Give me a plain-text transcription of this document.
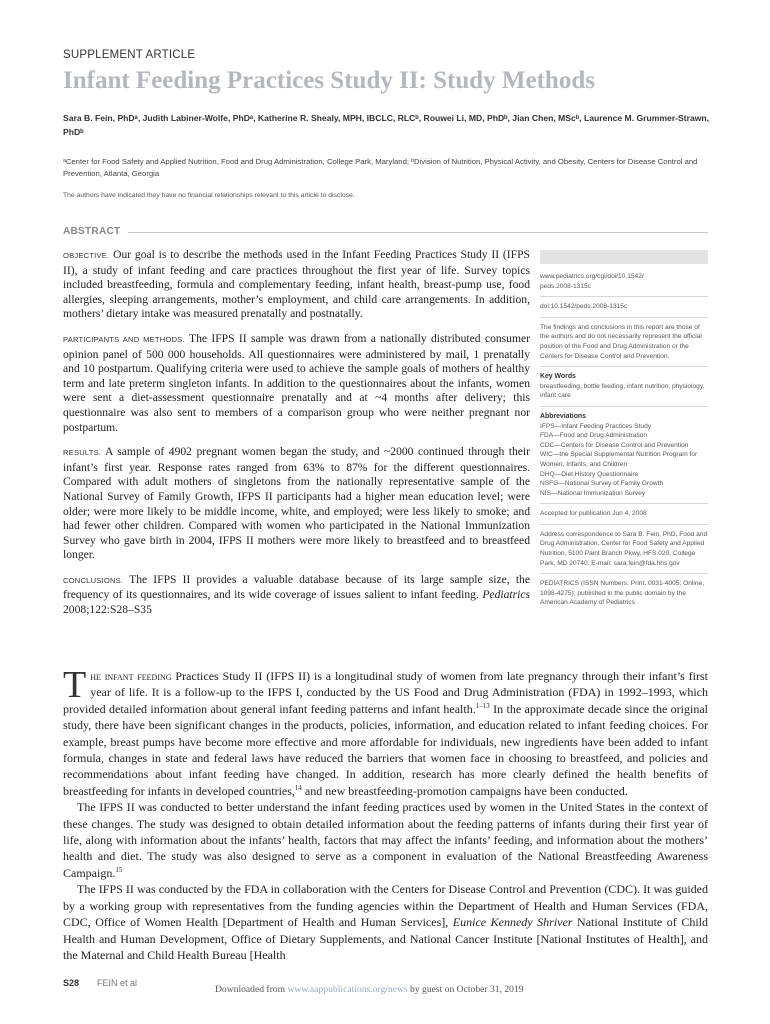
SUPPLEMENT ARTICLE
Infant Feeding Practices Study II: Study Methods
Sara B. Fein, PhDᵃ, Judith Labiner-Wolfe, PhDᵃ, Katherine R. Shealy, MPH, IBCLC, RLCᵇ, Rouwei Li, MD, PhDᵇ, Jian Chen, MScᵇ, Laurence M. Grummer-Strawn, PhDᵇ
ᵃCenter for Food Safety and Applied Nutrition, Food and Drug Administration, College Park, Maryland; ᵇDivision of Nutrition, Physical Activity, and Obesity, Centers for Disease Control and Prevention, Atlanta, Georgia
The authors have indicated they have no financial relationships relevant to this article to disclose.
ABSTRACT

OBJECTIVE. Our goal is to describe the methods used in the Infant Feeding Practices Study II (IFPS II), a study of infant feeding and care practices throughout the first year of life. Survey topics included breastfeeding, formula and complementary feeding, infant health, breast-pump use, food allergies, sleeping arrangements, mother’s employment, and child care arrangements. In addition, mothers’ dietary intake was measured prenatally and postnatally.

PARTICIPANTS AND METHODS. The IFPS II sample was drawn from a nationally distributed consumer opinion panel of 500 000 households. All questionnaires were administered by mail, 1 prenatally and 10 postpartum. Qualifying criteria were used to achieve the sample goals of mothers of healthy term and late preterm singleton infants. In addition to the questionnaires about the infants, women were sent a diet-assessment questionnaire prenatally and at ~4 months after delivery; this questionnaire was also sent to members of a comparison group who were neither pregnant nor postpartum.

RESULTS. A sample of 4902 pregnant women began the study, and ~2000 continued through their infant’s first year. Response rates ranged from 63% to 87% for the different questionnaires. Compared with adult mothers of singletons from the nationally representative sample of the National Survey of Family Growth, IFPS II participants had a higher mean education level; were older; were more likely to be middle income, white, and employed; were less likely to smoke; and had fewer other children. Compared with women who participated in the National Immunization Survey who gave birth in 2004, IFPS II mothers were more likely to breastfeed and to breastfeed longer.

CONCLUSIONS. The IFPS II provides a valuable database because of its large sample size, the frequency of its questionnaires, and its wide coverage of issues salient to infant feeding. Pediatrics 2008;122:S28–S35

www.pediatrics.org/cgi/doi/10.1542/
peds.2008-1315c
doi:10.1542/peds.2008-1315c
The findings and conclusions in this report are those of the authors and do not necessarily represent the official position of the Food and Drug Administration or the Centers for Disease Control and Prevention.
Key Words
breastfeeding, bottle feeding, infant nutrition, physiology, infant care
Abbreviations
IFPS—Infant Feeding Practices Study
FDA—Food and Drug Administration
CDC—Centers for Disease Control and Prevention
WIC—the Special Supplemental Nutrition Program for Women, Infants, and Children
DHQ—Diet History Questionnaire
NSFG—National Survey of Family Growth
NIS—National Immunization Survey
Accepted for publication Jun 4, 2008
Address correspondence to Sara B. Fein, PhD, Food and Drug Administration, Center for Food Safety and Applied Nutrition, 5100 Paint Branch Pkwy, HFS 020, College Park, MD 20740. E-mail: sara.fein@fda.hhs.gov
PEDIATRICS (ISSN Numbers: Print, 0031-4005; Online, 1098-4275); published in the public domain by the American Academy of Pediatrics

The infant feeding Practices Study II (IFPS II) is a longitudinal study of women from late pregnancy through their infant’s first year of life. It is a follow-up to the IFPS I, conducted by the US Food and Drug Administration (FDA) in 1992–1993, which provided detailed information about general infant feeding patterns and infant health.$^{1-13}$ In the approximate decade since the original study, there have been significant changes in the products, policies, information, and education related to infant feeding choices. For example, breast pumps have become more effective and more affordable for individuals, new ingredients have been added to infant formula, changes in state and federal laws have reduced the barriers that women face in choosing to breastfeed, and policies and recommendations about infant feeding have changed. In addition, research has more clearly defined the health benefits of breastfeeding for infants in developed countries,$^{14}$ and new breastfeeding-promotion campaigns have been conducted.

The IFPS II was conducted to better understand the infant feeding practices used by women in the United States in the context of these changes. The study was designed to obtain detailed information about the feeding patterns of infants during their first year of life, along with information about the infants’ health, factors that may affect the infants’ feeding, and information about the mothers’ health and diet. The study was also designed to serve as a component in evaluation of the National Breastfeeding Awareness Campaign.$^{15}$

The IFPS II was conducted by the FDA in collaboration with the Centers for Disease Control and Prevention (CDC). It was guided by a working group with representatives from the funding agencies within the Department of Health and Human Services (FDA, CDC, Office of Women Health [Department of Health and Human Services], Eunice Kennedy Shriver National Institute of Child Health and Human Development, Office of Dietary Supplements, and National Cancer Institute [National Institutes of Health], and the Maternal and Child Health Bureau [Health

S28 FEIN et al
Downloaded from www.aappublications.org/news by guest on October 31, 2019
